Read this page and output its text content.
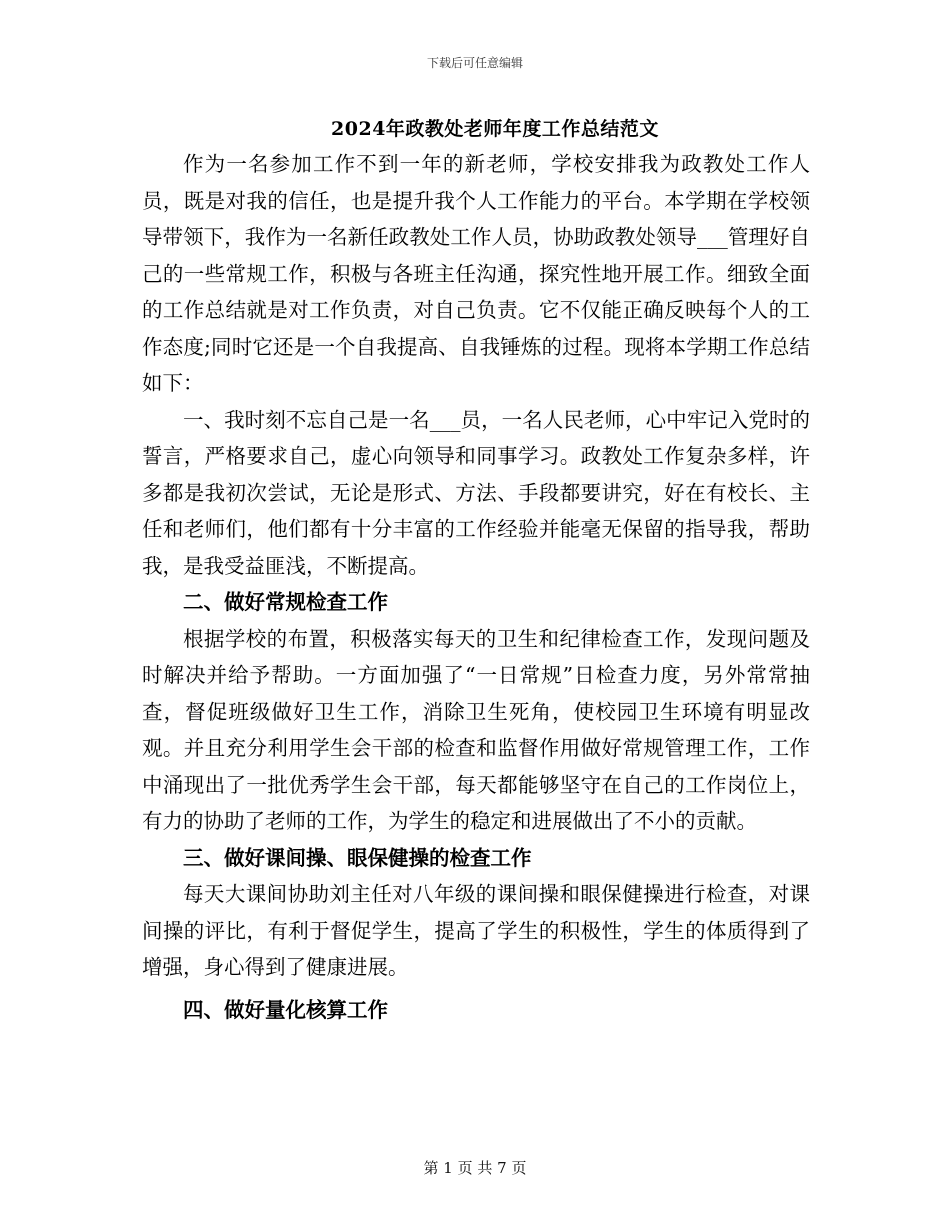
下载后可任意编辑
2024年政教处老师年度工作总结范文

作为一名参加工作不到一年的新老师，学校安排我为政教处工作人员，既是对我的信任，也是提升我个人工作能力的平台。本学期在学校领导带领下，我作为一名新任政教处工作人员，协助政教处领导___管理好自己的一些常规工作，积极与各班主任沟通，探究性地开展工作。细致全面的工作总结就是对工作负责，对自己负责。它不仅能正确反映每个人的工作态度;同时它还是一个自我提高、自我锤炼的过程。现将本学期工作总结如下：

一、我时刻不忘自己是一名___员，一名人民老师，心中牢记入党时的誓言，严格要求自己，虚心向领导和同事学习。政教处工作复杂多样，许多都是我初次尝试，无论是形式、方法、手段都要讲究，好在有校长、主任和老师们，他们都有十分丰富的工作经验并能毫无保留的指导我，帮助我，是我受益匪浅，不断提高。

二、做好常规检查工作

根据学校的布置，积极落实每天的卫生和纪律检查工作，发现问题及时解决并给予帮助。一方面加强了“一日常规”日检查力度，另外常常抽查，督促班级做好卫生工作，消除卫生死角，使校园卫生环境有明显改观。并且充分利用学生会干部的检查和监督作用做好常规管理工作，工作中涌现出了一批优秀学生会干部，每天都能够坚守在自己的工作岗位上，有力的协助了老师的工作，为学生的稳定和进展做出了不小的贡献。

三、做好课间操、眼保健操的检查工作

每天大课间协助刘主任对八年级的课间操和眼保健操进行检查，对课间操的评比，有利于督促学生，提高了学生的积极性，学生的体质得到了增强，身心得到了健康进展。

四、做好量化核算工作
第 1 页 共 7 页
